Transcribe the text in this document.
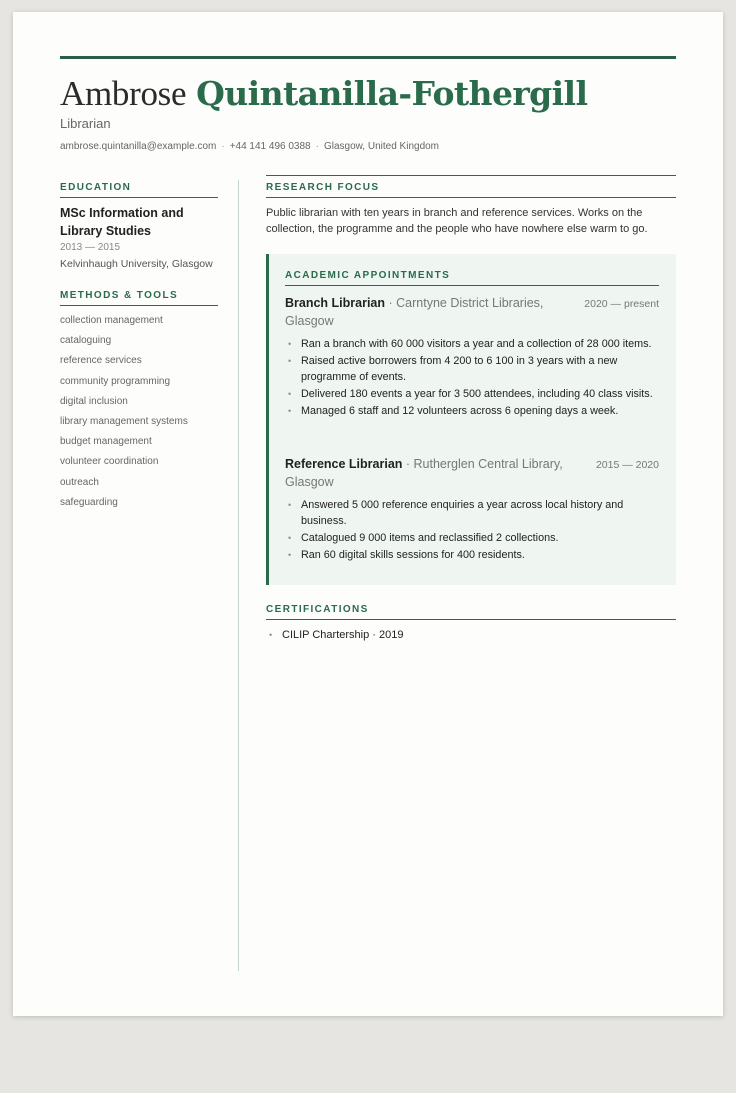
Ambrose Quintanilla-Fothergill
Librarian
ambrose.quintanilla@example.com · +44 141 496 0388 · Glasgow, United Kingdom
EDUCATION
MSc Information and Library Studies
2013 — 2015
Kelvinhaugh University, Glasgow
METHODS & TOOLS
collection management
cataloguing
reference services
community programming
digital inclusion
library management systems
budget management
volunteer coordination
outreach
safeguarding
RESEARCH FOCUS
Public librarian with ten years in branch and reference services. Works on the collection, the programme and the people who have nowhere else warm to go.
ACADEMIC APPOINTMENTS
Branch Librarian · Carntyne District Libraries, Glasgow
2020 — present
• Ran a branch with 60 000 visitors a year and a collection of 28 000 items.
• Raised active borrowers from 4 200 to 6 100 in 3 years with a new programme of events.
• Delivered 180 events a year for 3 500 attendees, including 40 class visits.
• Managed 6 staff and 12 volunteers across 6 opening days a week.
Reference Librarian · Rutherglen Central Library, Glasgow
2015 — 2020
• Answered 5 000 reference enquiries a year across local history and business.
• Catalogued 9 000 items and reclassified 2 collections.
• Ran 60 digital skills sessions for 400 residents.
CERTIFICATIONS
• CILIP Chartership · 2019
